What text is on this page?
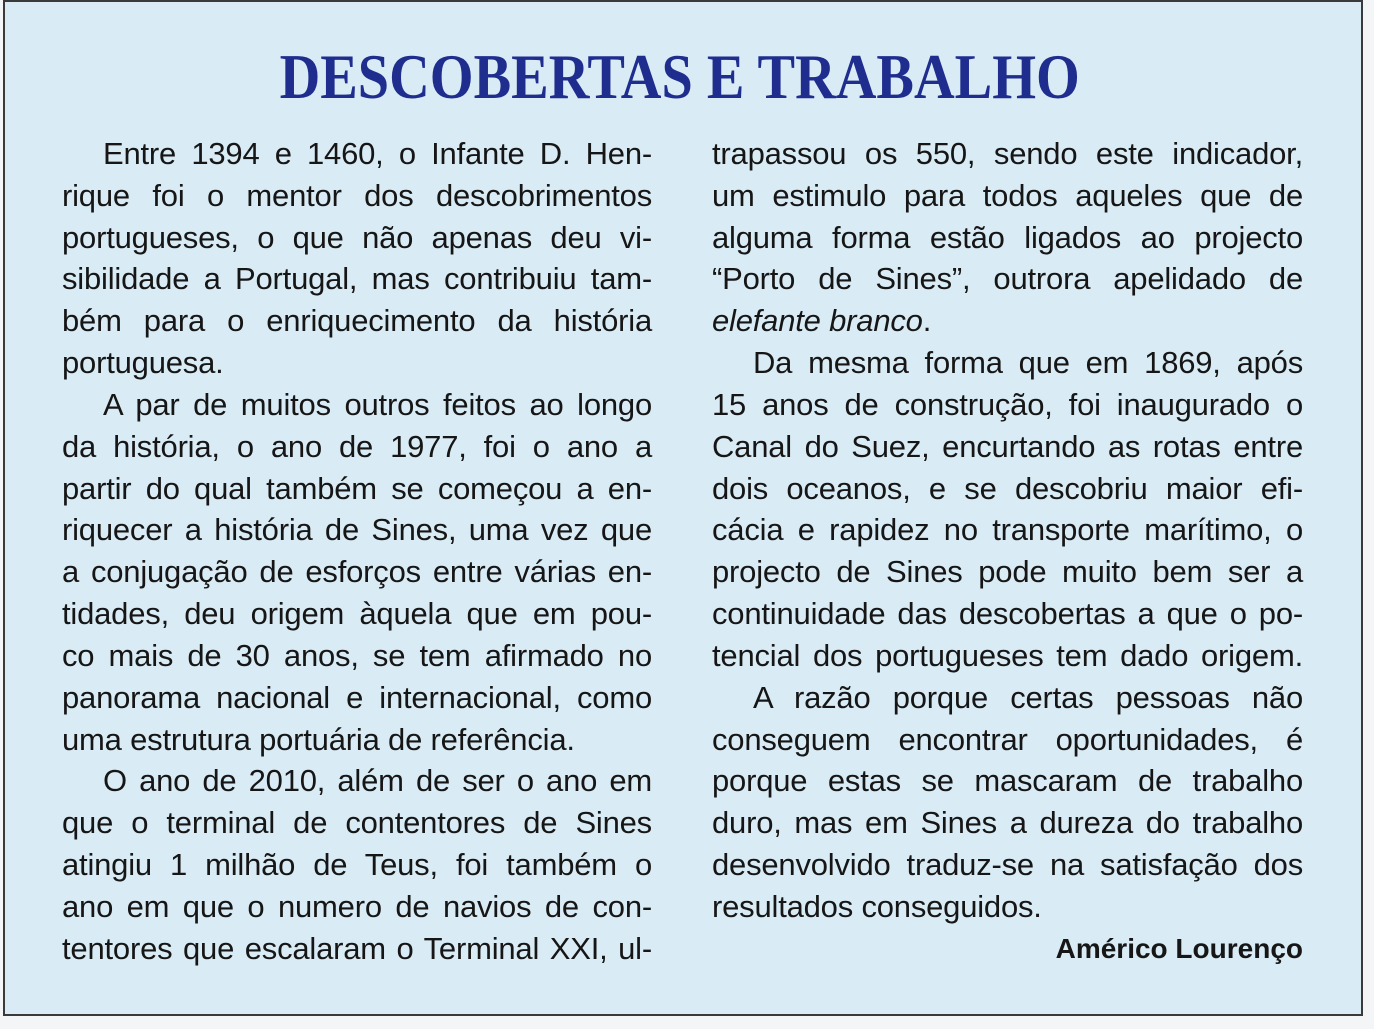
DESCOBERTAS E TRABALHO
Entre 1394 e 1460, o Infante D. Hen-
rique foi o mentor dos descobrimentos
portugueses, o que não apenas deu vi-
sibilidade a Portugal, mas contribuiu tam-
bém para o enriquecimento da história
portuguesa.
A par de muitos outros feitos ao longo
da história, o ano de 1977, foi o ano a
partir do qual também se começou a en-
riquecer a história de Sines, uma vez que
a conjugação de esforços entre várias en-
tidades, deu origem àquela que em pou-
co mais de 30 anos, se tem afirmado no
panorama nacional e internacional, como
uma estrutura portuária de referência.
O ano de 2010, além de ser o ano em
que o terminal de contentores de Sines
atingiu 1 milhão de Teus, foi também o
ano em que o numero de navios de con-
tentores que escalaram o Terminal XXI, ul-
trapassou os 550, sendo este indicador,
um estimulo para todos aqueles que de
alguma forma estão ligados ao projecto
“Porto de Sines”, outrora apelidado de
elefante branco.
Da mesma forma que em 1869, após
15 anos de construção, foi inaugurado o
Canal do Suez, encurtando as rotas entre
dois oceanos, e se descobriu maior efi-
cácia e rapidez no transporte marítimo, o
projecto de Sines pode muito bem ser a
continuidade das descobertas a que o po-
tencial dos portugueses tem dado origem.
A razão porque certas pessoas não
conseguem encontrar oportunidades, é
porque estas se mascaram de trabalho
duro, mas em Sines a dureza do trabalho
desenvolvido traduz-se na satisfação dos
resultados conseguidos.
Américo Lourenço
